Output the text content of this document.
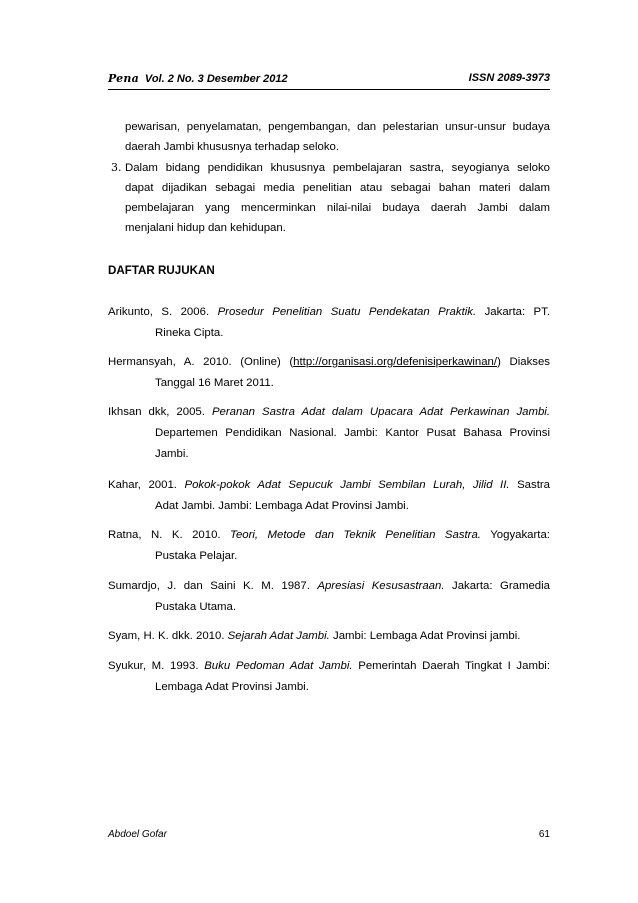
Pena Vol. 2 No. 3 Desember 2012	ISSN 2089-3973
pewarisan, penyelamatan, pengembangan, dan pelestarian unsur-unsur budaya
daerah Jambi khususnya terhadap seloko.
3. Dalam bidang pendidikan khususnya pembelajaran sastra, seyogianya seloko
dapat dijadikan sebagai media penelitian atau sebagai bahan materi dalam
pembelajaran yang mencerminkan nilai-nilai budaya daerah Jambi dalam
menjalani hidup dan kehidupan.
DAFTAR RUJUKAN
Arikunto, S. 2006. Prosedur Penelitian Suatu Pendekatan Praktik. Jakarta: PT.
Rineka Cipta.
Hermansyah, A. 2010. (Online) (http://organisasi.org/defenisiperkawinan/) Diakses
Tanggal 16 Maret 2011.
Ikhsan dkk, 2005. Peranan Sastra Adat dalam Upacara Adat Perkawinan Jambi.
Departemen Pendidikan Nasional. Jambi: Kantor Pusat Bahasa Provinsi
Jambi.
Kahar, 2001. Pokok-pokok Adat Sepucuk Jambi Sembilan Lurah, Jilid II. Sastra
Adat Jambi. Jambi: Lembaga Adat Provinsi Jambi.
Ratna, N. K. 2010. Teori, Metode dan Teknik Penelitian Sastra. Yogyakarta:
Pustaka Pelajar.
Sumardjo, J. dan Saini K. M. 1987. Apresiasi Kesusastraan. Jakarta: Gramedia
Pustaka Utama.
Syam, H. K. dkk. 2010. Sejarah Adat Jambi. Jambi: Lembaga Adat Provinsi jambi.
Syukur, M. 1993. Buku Pedoman Adat Jambi. Pemerintah Daerah Tingkat I Jambi:
Lembaga Adat Provinsi Jambi.
Abdoel Gofar	61
